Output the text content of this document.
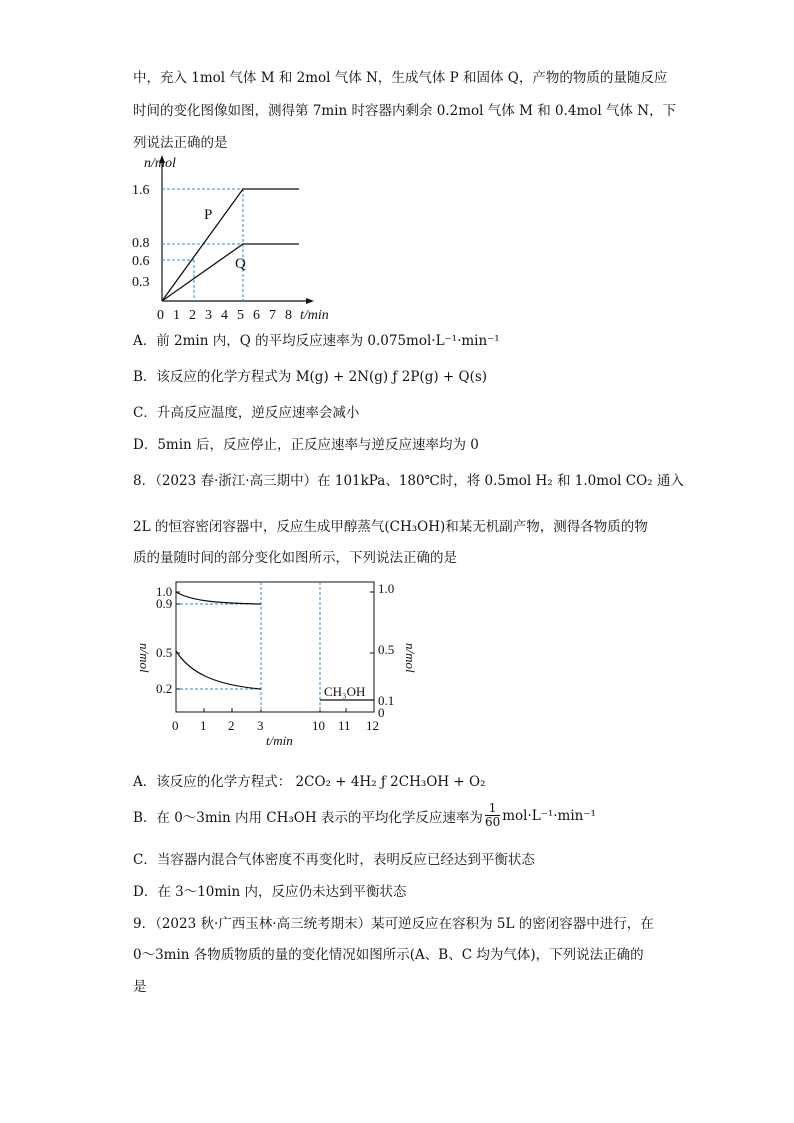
中，充入 1mol 气体 M 和 2mol 气体 N，生成气体 P 和固体 Q，产物的物质的量随反应
时间的变化图像如图，测得第 7min 时容器内剩余 0.2mol 气体 M 和 0.4mol 气体 N，下
列说法正确的是
n/mol
t/min
1.6
0.8
0.6
0.3
0 1 2 3 4 5 6 7 8
P
Q
A．前 2min 内，Q 的平均反应速率为 0.075mol·L⁻¹·min⁻¹
B．该反应的化学方程式为 M(g) + 2N(g) ƒ 2P(g) + Q(s)
C．升高反应温度，逆反应速率会减小
D．5min 后，反应停止，正反应速率与逆反应速率均为 0
8．（2023 春·浙江·高三期中）在 101kPa、180℃时，将 0.5mol H₂ 和 1.0mol CO₂ 通入
2L 的恒容密闭容器中，反应生成甲醇蒸气(CH₃OH)和某无机副产物，测得各物质的物
质的量随时间的部分变化如图所示，下列说法正确的是
1.0
0.9
0.5
0.2
1.0
0.5
0.1
0
n/mol	n/mol
0 1 2 3	10 11 12
t/min
CH₃OH
A．该反应的化学方程式： 2CO₂ + 4H₂ ƒ 2CH₃OH + O₂
B．在 0～3min 内用 CH₃OH 表示的平均化学反应速率为 $\frac{1}{60} mol\cdot L^{-1}\cdot\min^{-1}$
C．当容器内混合气体密度不再变化时，表明反应已经达到平衡状态
D．在 3～10min 内，反应仍未达到平衡状态
9．（2023 秋·广西玉林·高三统考期末）某可逆反应在容积为 5L 的密闭容器中进行，在
0～3min 各物质物质的量的变化情况如图所示(A、B、C 均为气体)，下列说法正确的
是
